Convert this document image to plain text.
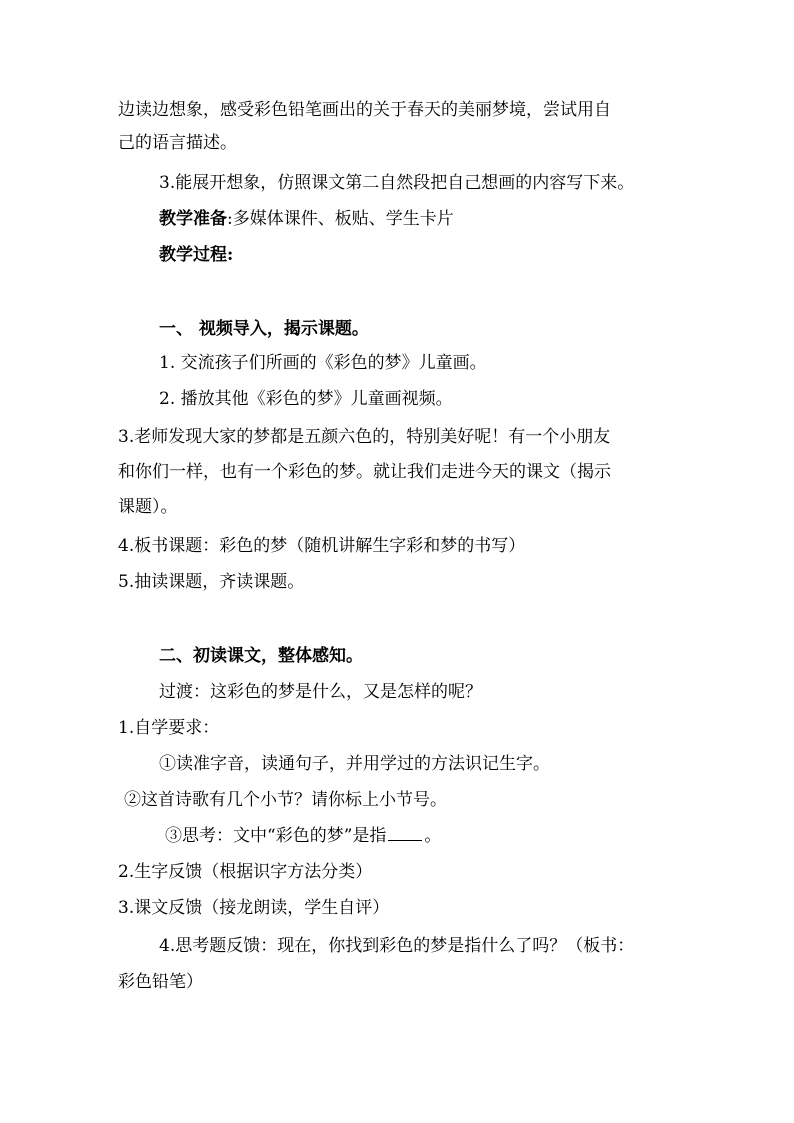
边读边想象，感受彩色铅笔画出的关于春天的美丽梦境，尝试用自
己的语言描述。
3.能展开想象，仿照课文第二自然段把自己想画的内容写下来。
教学准备:多媒体课件、板贴、学生卡片
教学过程:
一、 视频导入，揭示课题。
1. 交流孩子们所画的《彩色的梦》儿童画。
2. 播放其他《彩色的梦》儿童画视频。
3.老师发现大家的梦都是五颜六色的，特别美好呢！有一个小朋友
和你们一样，也有一个彩色的梦。就让我们走进今天的课文（揭示
课题）。
4.板书课题：彩色的梦（随机讲解生字彩和梦的书写）
5.抽读课题，齐读课题。
二、初读课文，整体感知。
过渡：这彩色的梦是什么，又是怎样的呢？
1.自学要求：
①读准字音，读通句子，并用学过的方法识记生字。
②这首诗歌有几个小节？请你标上小节号。
③思考：文中“彩色的梦”是指 。
2.生字反馈（根据识字方法分类）
3.课文反馈（接龙朗读，学生自评）
4.思考题反馈：现在，你找到彩色的梦是指什么了吗？（板书：
彩色铅笔）
